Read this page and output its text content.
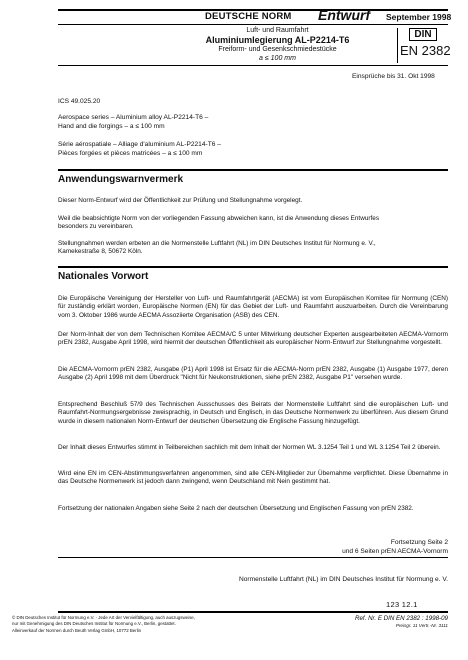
DEUTSCHE NORM Entwurf September 1998
Luft- und Raumfahrt
Aluminiumlegierung AL-P2214-T6
Freiform- und Gesenkschmiedestücke
a ≤ 100 mm
DIN
EN 2382
Einsprüche bis 31. Okt 1998
ICS 49.025.20
Aerospace series – Aluminium alloy AL-P2214-T6 –
Hand and die forgings – a ≤ 100 mm
Série aérospatiale – Alliage d'aluminium AL-P2214-T6 –
Pièces forgées et pièces matricées – a ≤ 100 mm
Anwendungswarnvermerk
Dieser Norm-Entwurf wird der Öffentlichkeit zur Prüfung und Stellungnahme vorgelegt.
Weil die beabsichtigte Norm von der vorliegenden Fassung abweichen kann, ist die Anwendung dieses Entwurfes
besonders zu vereinbaren.
Stellungnahmen werden erbeten an die Normenstelle Luftfahrt (NL) im DIN Deutsches Institut für Normung e. V.,
Kamekestraße 8, 50672 Köln.
Nationales Vorwort
Die Europäische Vereinigung der Hersteller von Luft- und Raumfahrtgerät (AECMA) ist vom Europäischen Komitee für Normung (CEN) für zuständig erklärt worden, Europäische Normen (EN) für das Gebiet der Luft- und Raumfahrt auszuarbeiten. Durch die Vereinbarung vom 3. Oktober 1986 wurde AECMA Assoziierte Organisation (ASB) des CEN.
Der Norm-Inhalt der von dem Technischen Komitee AECMA/C 5 unter Mitwirkung deutscher Experten ausgearbeiteten AECMA-Vornorm prEN 2382, Ausgabe April 1998, wird hiermit der deutschen Öffentlichkeit als europäischer Norm-Entwurf zur Stellungnahme vorgestellt.
Die AECMA-Vornorm prEN 2382, Ausgabe (P1) April 1998 ist Ersatz für die AECMA-Norm prEN 2382, Ausgabe (1) Ausgabe 1977, deren Ausgabe (2) April 1998 mit dem Überdruck "Nicht für Neukonstruktionen, siehe prEN 2382, Ausgabe P1" versehen wurde.
Entsprechend Beschluß 57/9 des Technischen Ausschusses des Beirats der Normenstelle Luftfahrt sind die europäischen Luft- und Raumfahrt-Normungsergebnisse zweisprachig, in Deutsch und Englisch, in das Deutsche Normenwerk zu überführen. Aus diesem Grund wurde in diesem nationalen Norm-Entwurf der deutschen Übersetzung die Englische Fassung hinzugefügt.
Der Inhalt dieses Entwurfes stimmt in Teilbereichen sachlich mit dem Inhalt der Normen WL 3.1254 Teil 1 und WL 3.1254 Teil 2 überein.
Wird eine EN im CEN-Abstimmungsverfahren angenommen, sind alle CEN-Mitglieder zur Übernahme verpflichtet. Diese Übernahme in das Deutsche Normenwerk ist jedoch dann zwingend, wenn Deutschland mit Nein gestimmt hat.
Fortsetzung der nationalen Angaben siehe Seite 2 nach der deutschen Übersetzung und Englischen Fassung von prEN 2382.
Fortsetzung Seite 2
und 6 Seiten prEN AECMA-Vornorm
Normenstelle Luftfahrt (NL) im DIN Deutsches Institut für Normung e. V.
123 12.1
© DIN Deutsches Institut für Normung e.V. · Jede Art der Vervielfältigung, auch auszugsweise,
nur mit Genehmigung des DIN Deutsches Institut für Normung e.V., Berlin, gestattet.
Alleinverkauf der Normen durch Beuth Verlag GmbH, 10772 Berlin
Ref. Nr. E DIN EN 2382 : 1998-09
Preisgr. 11 Vertr.-Nr. 3111
